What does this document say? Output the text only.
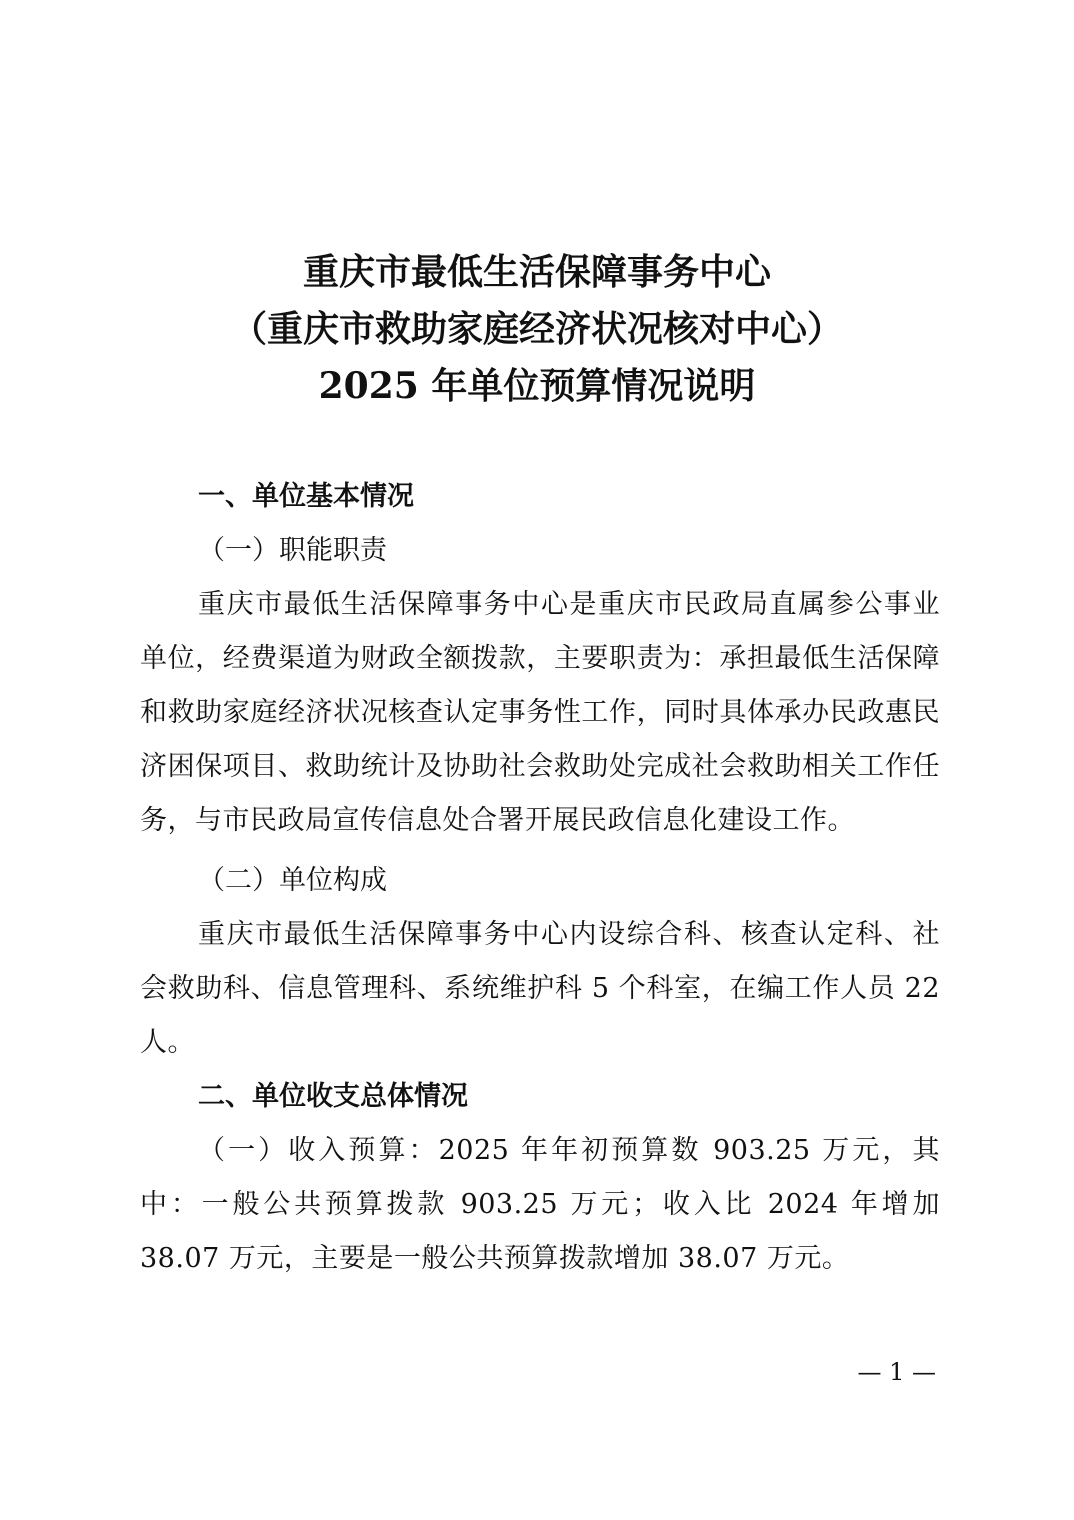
重庆市最低生活保障事务中心
（重庆市救助家庭经济状况核对中心）
2025 年单位预算情况说明
一、单位基本情况
（一）职能职责
重庆市最低生活保障事务中心是重庆市民政局直属参公事业单位，经费渠道为财政全额拨款，主要职责为：承担最低生活保障和救助家庭经济状况核查认定事务性工作，同时具体承办民政惠民济困保项目、救助统计及协助社会救助处完成社会救助相关工作任务，与市民政局宣传信息处合署开展民政信息化建设工作。
（二）单位构成
重庆市最低生活保障事务中心内设综合科、核查认定科、社会救助科、信息管理科、系统维护科 5 个科室，在编工作人员 22 人。
二、单位收支总体情况
（一）收入预算：2025 年年初预算数 903.25 万元，其中：一般公共预算拨款 903.25 万元；收入比 2024 年增加 38.07 万元，主要是一般公共预算拨款增加 38.07 万元。
— 1 —
